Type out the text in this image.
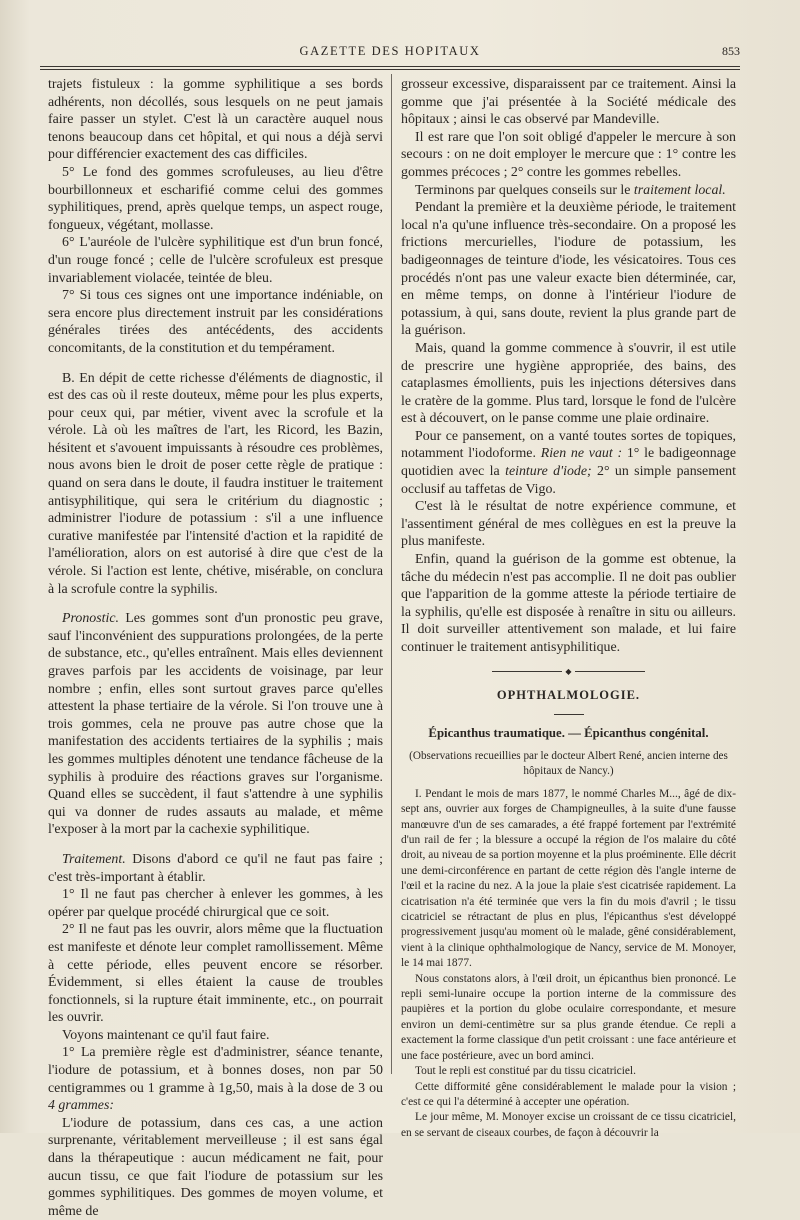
GAZETTE DES HOPITAUX	853

trajets fistuleux : la gomme syphilitique a ses bords adhérents, non décollés, sous lesquels on ne peut jamais faire passer un stylet. C'est là un caractère auquel nous tenons beaucoup dans cet hôpital, et qui nous a déjà servi pour différencier exactement des cas difficiles.

5° Le fond des gommes scrofuleuses, au lieu d'être bourbillonneux et escharifié comme celui des gommes syphilitiques, prend, après quelque temps, un aspect rouge, fongueux, végétant, mollasse.

6° L'auréole de l'ulcère syphilitique est d'un brun foncé, d'un rouge foncé ; celle de l'ulcère scrofuleux est presque invariablement violacée, teintée de bleu.

7° Si tous ces signes ont une importance indéniable, on sera encore plus directement instruit par les considérations générales tirées des antécédents, des accidents concomitants, de la constitution et du tempérament.

B. En dépit de cette richesse d'éléments de diagnostic, il est des cas où il reste douteux, même pour les plus experts, pour ceux qui, par métier, vivent avec la scrofule et la vérole. Là où les maîtres de l'art, les Ricord, les Bazin, hésitent et s'avouent impuissants à résoudre ces problèmes, nous avons bien le droit de poser cette règle de pratique : quand on sera dans le doute, il faudra instituer le traitement antisyphilitique, qui sera le critérium du diagnostic ; administrer l'iodure de potassium : s'il a une influence curative manifestée par l'intensité d'action et la rapidité de l'amélioration, alors on est autorisé à dire que c'est de la vérole. Si l'action est lente, chétive, misérable, on conclura à la scrofule contre la syphilis.

Pronostic. Les gommes sont d'un pronostic peu grave, sauf l'inconvénient des suppurations prolongées, de la perte de substance, etc., qu'elles entraînent. Mais elles deviennent graves parfois par les accidents de voisinage, par leur nombre ; enfin, elles sont surtout graves parce qu'elles attestent la phase tertiaire de la vérole. Si l'on trouve une à trois gommes, cela ne prouve pas autre chose que la manifestation des accidents tertiaires de la syphilis ; mais les gommes multiples dénotent une tendance fâcheuse de la syphilis à produire des réactions graves sur l'organisme. Quand elles se succèdent, il faut s'attendre à une syphilis qui va donner de rudes assauts au malade, et même l'exposer à la mort par la cachexie syphilitique.

Traitement. Disons d'abord ce qu'il ne faut pas faire ; c'est très-important à établir.

1° Il ne faut pas chercher à enlever les gommes, à les opérer par quelque procédé chirurgical que ce soit.

2° Il ne faut pas les ouvrir, alors même que la fluctuation est manifeste et dénote leur complet ramollissement. Même à cette période, elles peuvent encore se résorber. Évidemment, si elles étaient la cause de troubles fonctionnels, si la rupture était imminente, etc., on pourrait les ouvrir.

Voyons maintenant ce qu'il faut faire.

1° La première règle est d'administrer, séance tenante, l'iodure de potassium, et à bonnes doses, non par 50 centigrammes ou 1 gramme à 1g,50, mais à la dose de 3 ou 4 grammes:

L'iodure de potassium, dans ces cas, a une action surprenante, véritablement merveilleuse ; il est sans égal dans la thérapeutique : aucun médicament ne fait, pour aucun tissu, ce que fait l'iodure de potassium sur les gommes syphilitiques. Des gommes de moyen volume, et même de

grosseur excessive, disparaissent par ce traitement. Ainsi la gomme que j'ai présentée à la Société médicale des hôpitaux ; ainsi le cas observé par Mandeville.

Il est rare que l'on soit obligé d'appeler le mercure à son secours : on ne doit employer le mercure que : 1° contre les gommes précoces ; 2° contre les gommes rebelles.

Terminons par quelques conseils sur le traitement local.

Pendant la première et la deuxième période, le traitement local n'a qu'une influence très-secondaire. On a proposé les frictions mercurielles, l'iodure de potassium, les badigeonnages de teinture d'iode, les vésicatoires. Tous ces procédés n'ont pas une valeur exacte bien déterminée, car, en même temps, on donne à l'intérieur l'iodure de potassium, à qui, sans doute, revient la plus grande part de la guérison.

Mais, quand la gomme commence à s'ouvrir, il est utile de prescrire une hygiène appropriée, des bains, des cataplasmes émollients, puis les injections détersives dans le cratère de la gomme. Plus tard, lorsque le fond de l'ulcère est à découvert, on le panse comme une plaie ordinaire.

Pour ce pansement, on a vanté toutes sortes de topiques, notamment l'iodoforme. Rien ne vaut : 1° le badigeonnage quotidien avec la teinture d'iode; 2° un simple pansement occlusif au taffetas de Vigo.

C'est là le résultat de notre expérience commune, et l'assentiment général de mes collègues en est la preuve la plus manifeste.

Enfin, quand la guérison de la gomme est obtenue, la tâche du médecin n'est pas accomplie. Il ne doit pas oublier que l'apparition de la gomme atteste la période tertiaire de la syphilis, qu'elle est disposée à renaître in situ ou ailleurs. Il doit surveiller attentivement son malade, et lui faire continuer le traitement antisyphilitique.

◆

OPHTHALMOLOGIE.

Épicanthus traumatique. — Épicanthus congénital.

(Observations recueillies par le docteur Albert René, ancien interne des hôpitaux de Nancy.)

I. Pendant le mois de mars 1877, le nommé Charles M..., âgé de dix-sept ans, ouvrier aux forges de Champigneulles, à la suite d'une fausse manœuvre d'un de ses camarades, a été frappé fortement par l'extrémité d'un rail de fer ; la blessure a occupé la région de l'os malaire du côté droit, au niveau de sa portion moyenne et la plus proéminente. Elle décrit une demi-circonférence en partant de cette région dès l'angle interne de l'œil et la racine du nez. A la joue la plaie s'est cicatrisée rapidement. La cicatrisation n'a été terminée que vers la fin du mois d'avril ; le tissu cicatriciel se rétractant de plus en plus, l'épicanthus s'est développé progressivement jusqu'au moment où le malade, gêné considérablement, vient à la clinique ophthalmologique de Nancy, service de M. Monoyer, le 14 mai 1877.

Nous constatons alors, à l'œil droit, un épicanthus bien prononcé. Le repli semi-lunaire occupe la portion interne de la commissure des paupières et la portion du globe oculaire correspondante, et mesure environ un demi-centimètre sur sa plus grande étendue. Ce repli a exactement la forme classique d'un petit croissant : une face antérieure et une face postérieure, avec un bord aminci.

Tout le repli est constitué par du tissu cicatriciel.

Cette difformité gêne considérablement le malade pour la vision ; c'est ce qui l'a déterminé à accepter une opération.

Le jour même, M. Monoyer excise un croissant de ce tissu cicatriciel, en se servant de ciseaux courbes, de façon à découvrir la
